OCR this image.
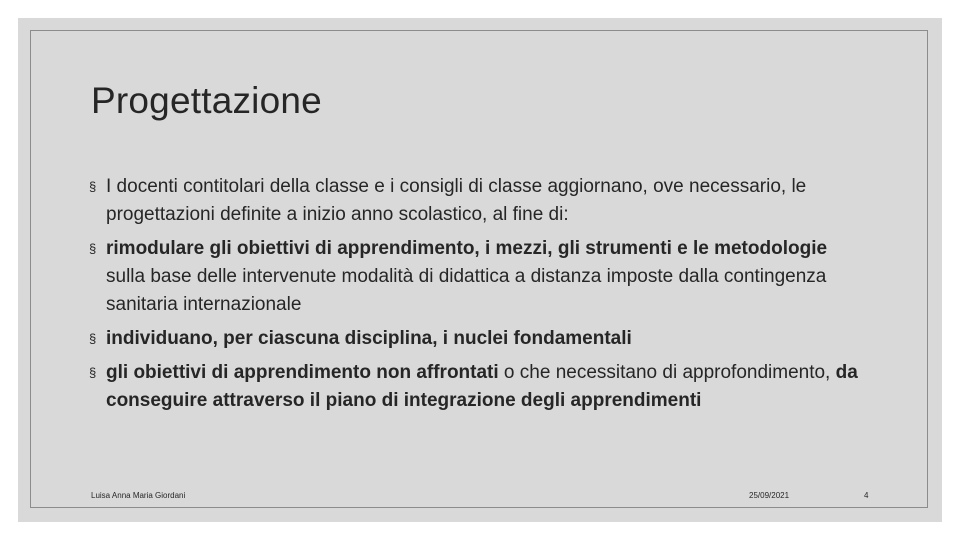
Progettazione
§ I docenti contitolari della classe e i consigli di classe aggiornano, ove necessario, le progettazioni definite a inizio anno scolastico, al fine di:
§ rimodulare gli obiettivi di apprendimento, i mezzi, gli strumenti e le metodologie sulla base delle intervenute modalità di didattica a distanza imposte dalla contingenza sanitaria internazionale
§ individuano, per ciascuna disciplina, i nuclei fondamentali
§ gli obiettivi di apprendimento non affrontati o che necessitano di approfondimento, da conseguire attraverso il piano di integrazione degli apprendimenti
Luisa Anna Maria Giordani	25/09/2021	4
